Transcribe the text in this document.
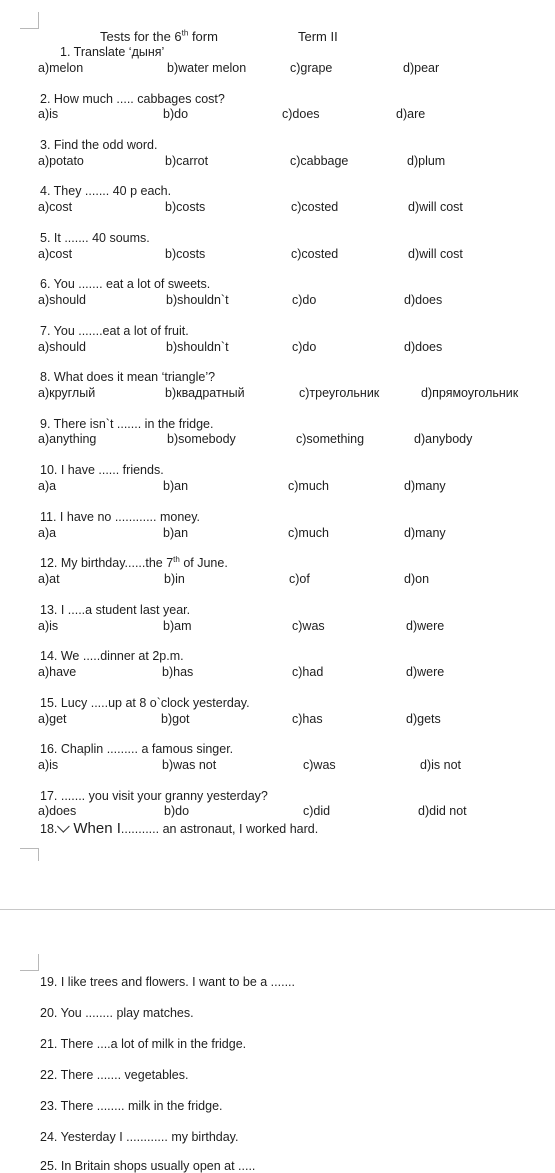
Tests for the 6th form	Term II
1. Translate ‘дыня’
a)melon	b)water melon	c)grape	d)pear
2. How much ..... cabbages cost?
a)is	b)do	c)does	d)are
3. Find the odd word.
a)potato	b)carrot	c)cabbage	d)plum
4. They ....... 40 p each.
a)cost	b)costs	c)costed	d)will cost
5. It ....... 40 soums.
a)cost	b)costs	c)costed	d)will cost
6. You ....... eat a lot of sweets.
a)should	b)shouldn`t	c)do	d)does
7. You .......eat a lot of fruit.
a)should	b)shouldn`t	c)do	d)does
8. What does it mean ‘triangle’?
a)круглый	b)квадратный	c)треугольник	d)прямоугольник
9. There isn`t ....... in the fridge.
a)anything	b)somebody	c)something	d)anybody
10. I have ...... friends.
a)a	b)an	c)much	d)many
11. I have no ............ money.
a)a	b)an	c)much	d)many
12. My birthday......the 7th of June.
a)at	b)in	c)of	d)on
13. I .....a student last year.
a)is	b)am	c)was	d)were
14. We .....dinner at 2p.m.
a)have	b)has	c)had	d)were
15. Lucy .....up at 8 o`clock yesterday.
a)get	b)got	c)has	d)gets
16. Chaplin ......... a famous singer.
a)is	b)was not	c)was	d)is not
17. ....... you visit your granny yesterday?
a)does	b)do	c)did	d)did not
18. When I........... an astronaut, I worked hard.
19. I like trees and flowers. I want to be a .......
20. You ........ play matches.
21. There ....a lot of milk in the fridge.
22. There ....... vegetables.
23. There ........ milk in the fridge.
24. Yesterday I ............ my birthday.
25. In Britain shops usually open at .....
